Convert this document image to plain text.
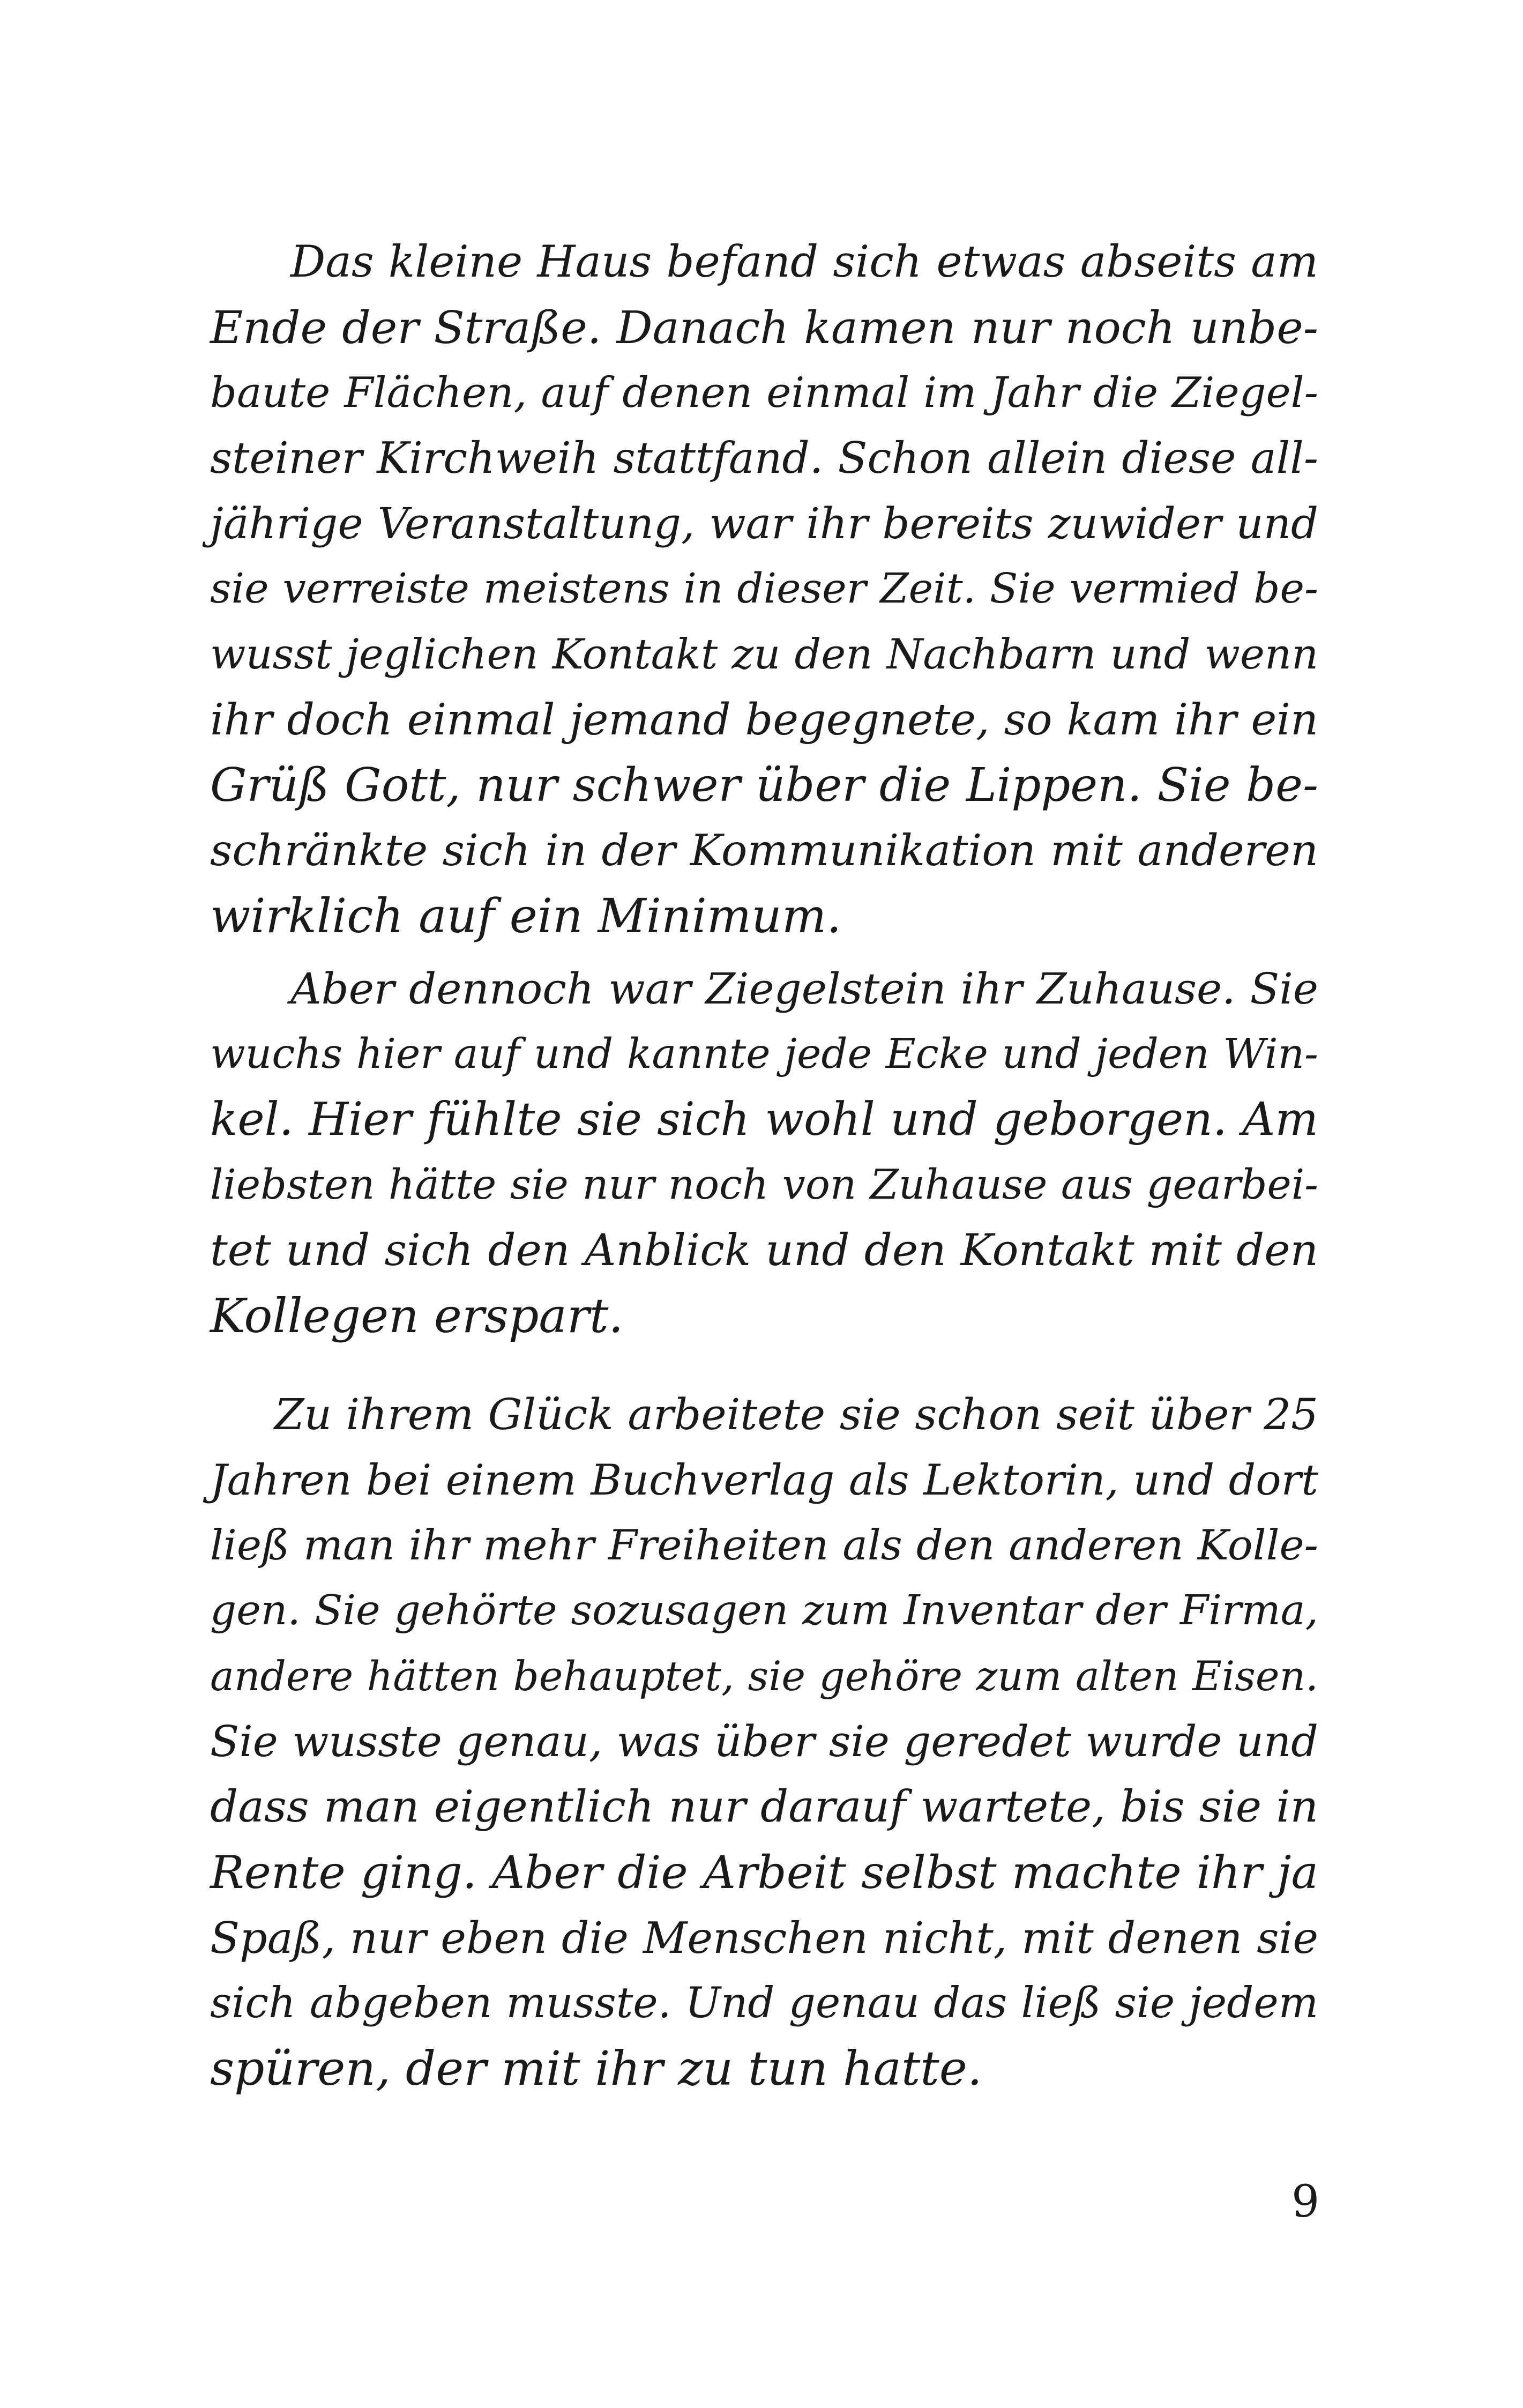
Das kleine Haus befand sich etwas abseits am
Ende der Straße. Danach kamen nur noch unbe-
baute Flächen, auf denen einmal im Jahr die Ziegel-
steiner Kirchweih stattfand. Schon allein diese all-
jährige Veranstaltung, war ihr bereits zuwider und
sie verreiste meistens in dieser Zeit. Sie vermied be-
wusst jeglichen Kontakt zu den Nachbarn und wenn
ihr doch einmal jemand begegnete, so kam ihr ein
Grüß Gott, nur schwer über die Lippen. Sie be-
schränkte sich in der Kommunikation mit anderen
wirklich auf ein Minimum.
Aber dennoch war Ziegelstein ihr Zuhause. Sie
wuchs hier auf und kannte jede Ecke und jeden Win-
kel. Hier fühlte sie sich wohl und geborgen. Am
liebsten hätte sie nur noch von Zuhause aus gearbei-
tet und sich den Anblick und den Kontakt mit den
Kollegen erspart.
Zu ihrem Glück arbeitete sie schon seit über 25
Jahren bei einem Buchverlag als Lektorin, und dort
ließ man ihr mehr Freiheiten als den anderen Kolle-
gen. Sie gehörte sozusagen zum Inventar der Firma,
andere hätten behauptet, sie gehöre zum alten Eisen.
Sie wusste genau, was über sie geredet wurde und
dass man eigentlich nur darauf wartete, bis sie in
Rente ging. Aber die Arbeit selbst machte ihr ja
Spaß, nur eben die Menschen nicht, mit denen sie
sich abgeben musste. Und genau das ließ sie jedem
spüren, der mit ihr zu tun hatte.
9
